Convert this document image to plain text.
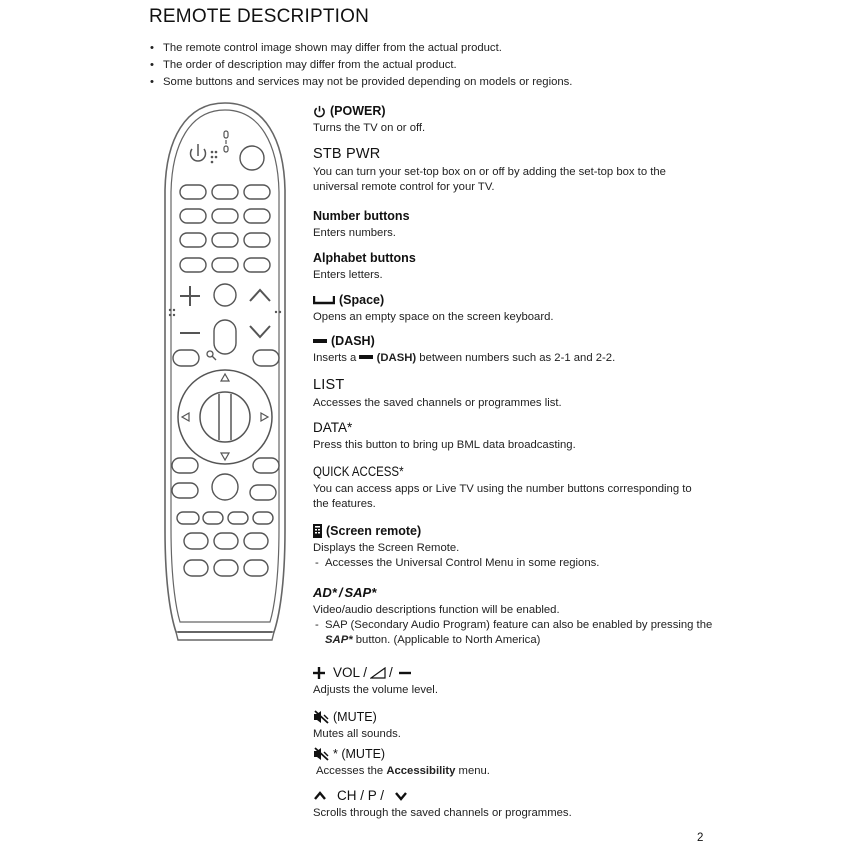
REMOTE DESCRIPTION
• The remote control image shown may differ from the actual product.
• The order of description may differ from the actual product.
• Some buttons and services may not be provided depending on models or regions.
(POWER)
Turns the TV on or off.
STB PWR
You can turn your set-top box on or off by adding the set-top box to the universal remote control for your TV.
Number buttons
Enters numbers.
Alphabet buttons
Enters letters.
(Space)
Opens an empty space on the screen keyboard.
(DASH)
Inserts a (DASH) between numbers such as 2-1 and 2-2.
LIST
Accesses the saved channels or programmes list.
DATA*
Press this button to bring up BML data broadcasting.
QUICK ACCESS*
You can access apps or Live TV using the number buttons corresponding to the features.
(Screen remote)
Displays the Screen Remote.
- Accesses the Universal Control Menu in some regions.
AD* / SAP*
Video/audio descriptions function will be enabled.
- SAP (Secondary Audio Program) feature can also be enabled by pressing the
SAP* button. (Applicable to North America)
VOL / /
Adjusts the volume level.
(MUTE)
Mutes all sounds.
* (MUTE)
Accesses the Accessibility menu.
CH / P /
Scrolls through the saved channels or programmes.
2
